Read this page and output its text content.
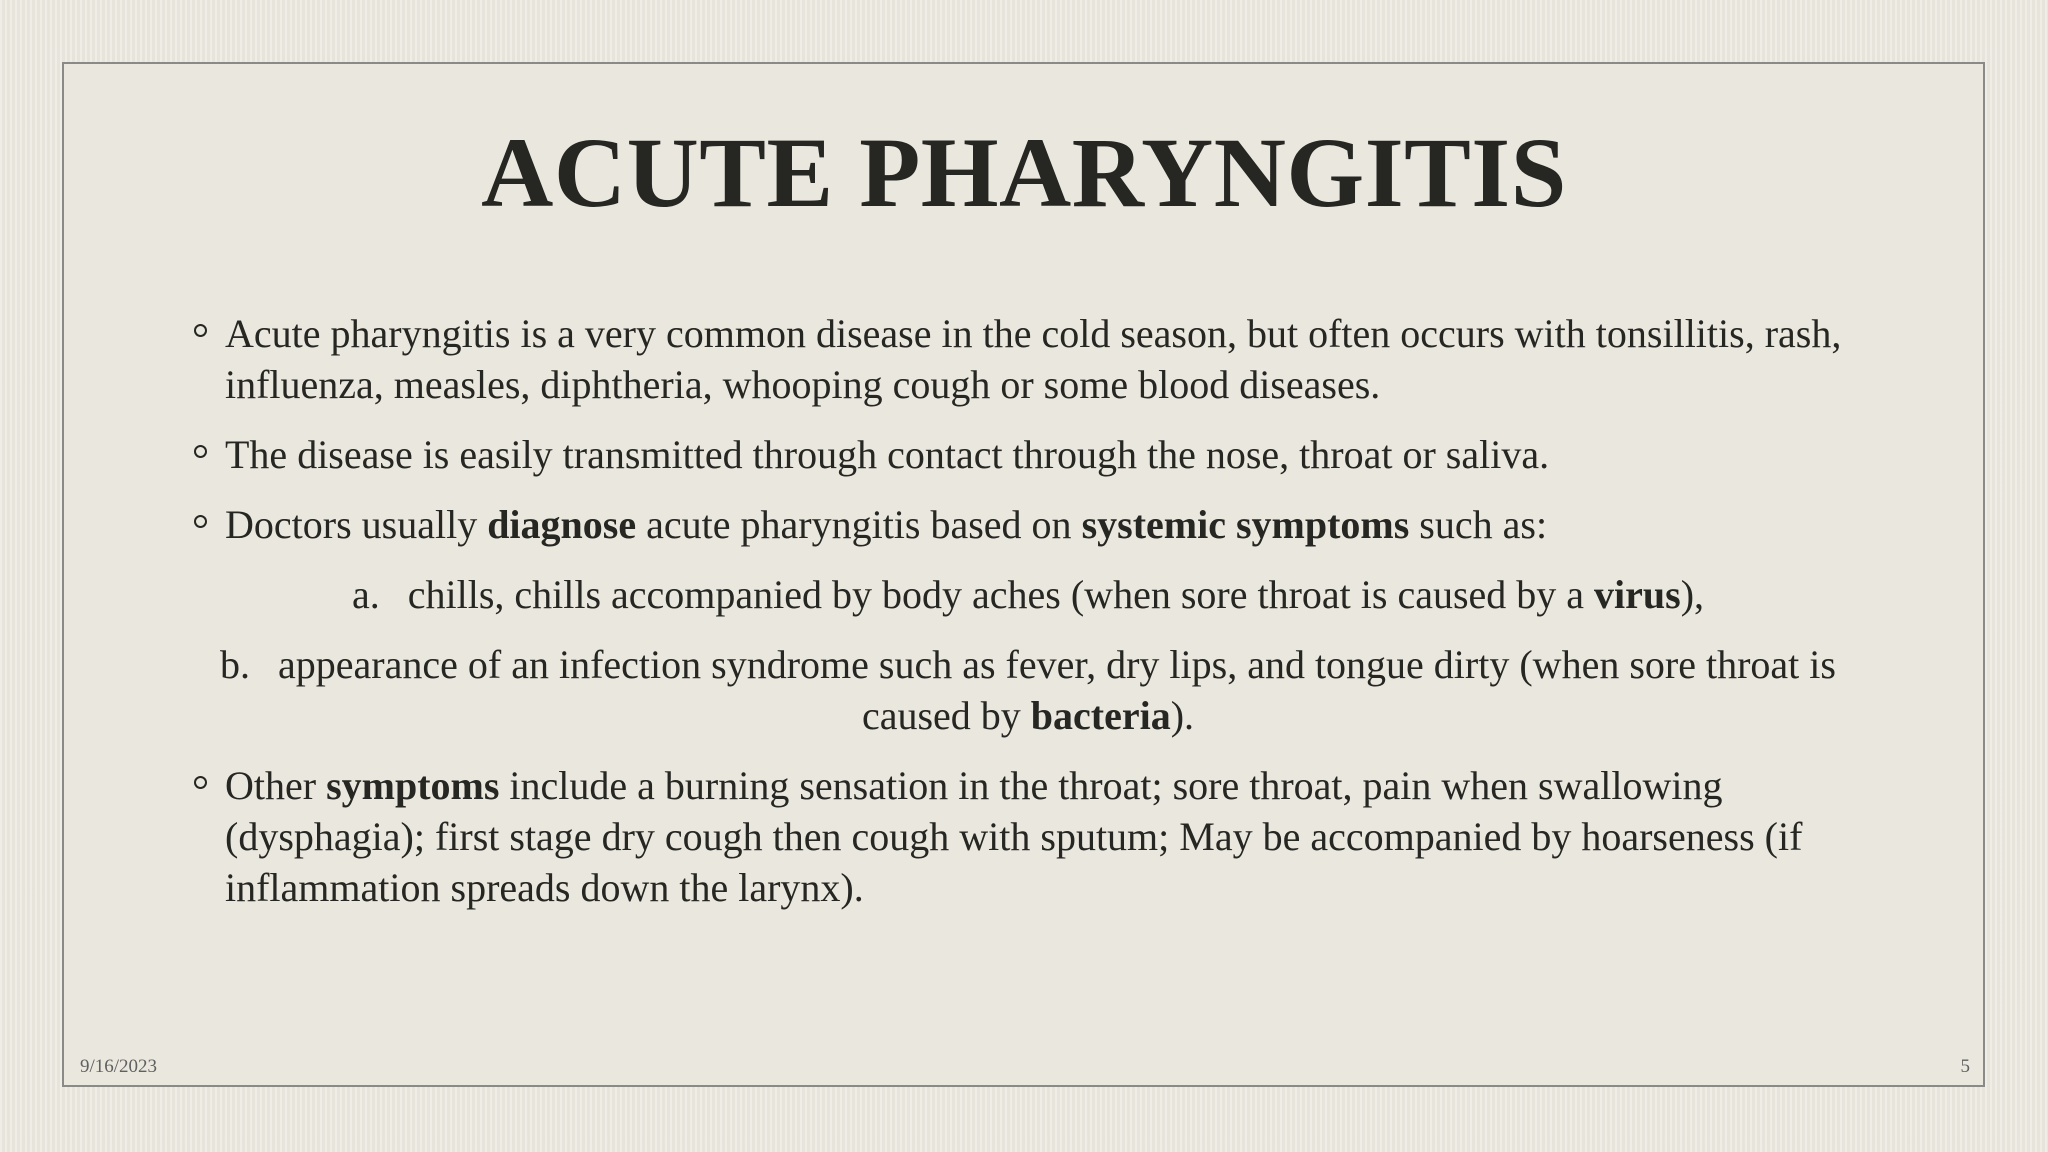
ACUTE PHARYNGITIS
Acute pharyngitis is a very common disease in the cold season, but often occurs with tonsillitis, rash, influenza, measles, diphtheria, whooping cough or some blood diseases.
The disease is easily transmitted through contact through the nose, throat or saliva.
Doctors usually diagnose acute pharyngitis based on systemic symptoms such as:
a. chills, chills accompanied by body aches (when sore throat is caused by a virus),
b. appearance of an infection syndrome such as fever, dry lips, and tongue dirty (when sore throat is caused by bacteria).
Other symptoms include a burning sensation in the throat; sore throat, pain when swallowing (dysphagia); first stage dry cough then cough with sputum; May be accompanied by hoarseness (if inflammation spreads down the larynx).
9/16/2023	5
